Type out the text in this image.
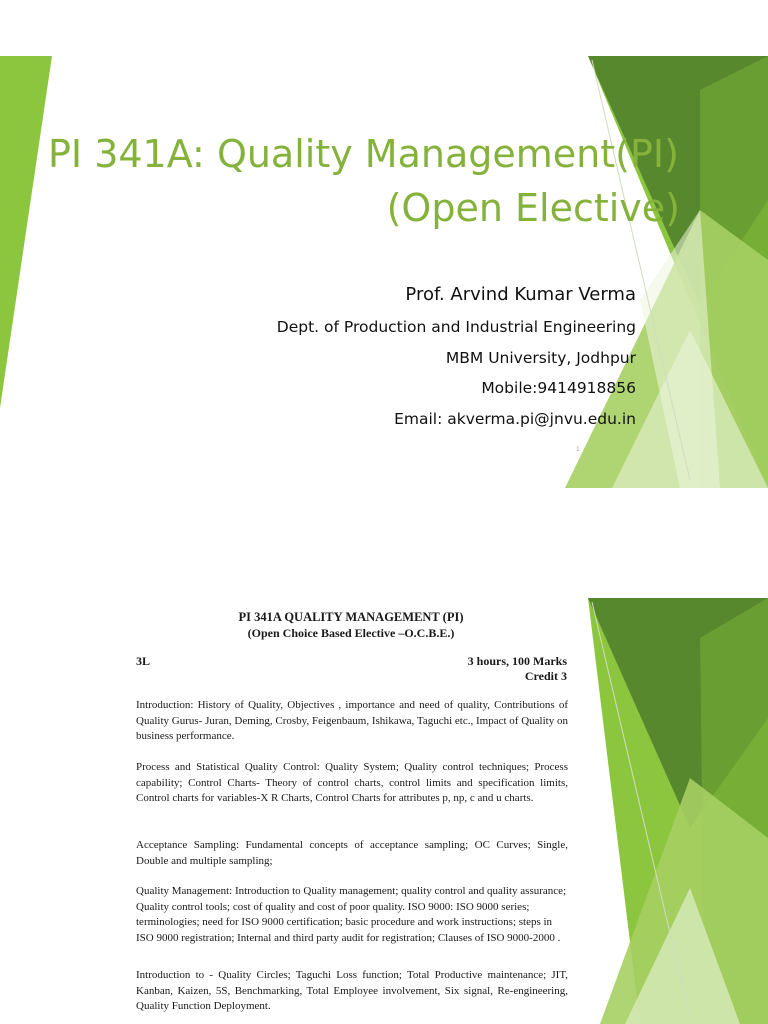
PI 341A: Quality Management(PI)
(Open Elective)
Prof. Arvind Kumar Verma
Dept. of Production and Industrial Engineering
MBM University, Jodhpur
Mobile:9414918856
Email: akverma.pi@jnvu.edu.in
1
PI 341A QUALITY MANAGEMENT (PI)
(Open Choice Based Elective –O.C.B.E.)
3L	3 hours, 100 Marks
Credit 3
Introduction: History of Quality, Objectives , importance and need of quality, Contributions of Quality Gurus- Juran, Deming, Crosby, Feigenbaum, Ishikawa, Taguchi etc., Impact of Quality on business performance.
Process and Statistical Quality Control: Quality System; Quality control techniques; Process capability; Control Charts- Theory of control charts, control limits and specification limits, Control charts for variables-X R Charts, Control Charts for attributes p, np, c and u charts.
Acceptance Sampling: Fundamental concepts of acceptance sampling; OC Curves; Single, Double and multiple sampling;
Quality Management: Introduction to Quality management; quality control and quality assurance; Quality control tools; cost of quality and cost of poor quality. ISO 9000: ISO 9000 series; terminologies; need for ISO 9000 certification; basic procedure and work instructions; steps in ISO 9000 registration; Internal and third party audit for registration; Clauses of ISO 9000-2000 .
Introduction to - Quality Circles; Taguchi Loss function; Total Productive maintenance; JIT, Kanban, Kaizen, 5S, Benchmarking, Total Employee involvement, Six signal, Re-engineering, Quality Function Deployment.
